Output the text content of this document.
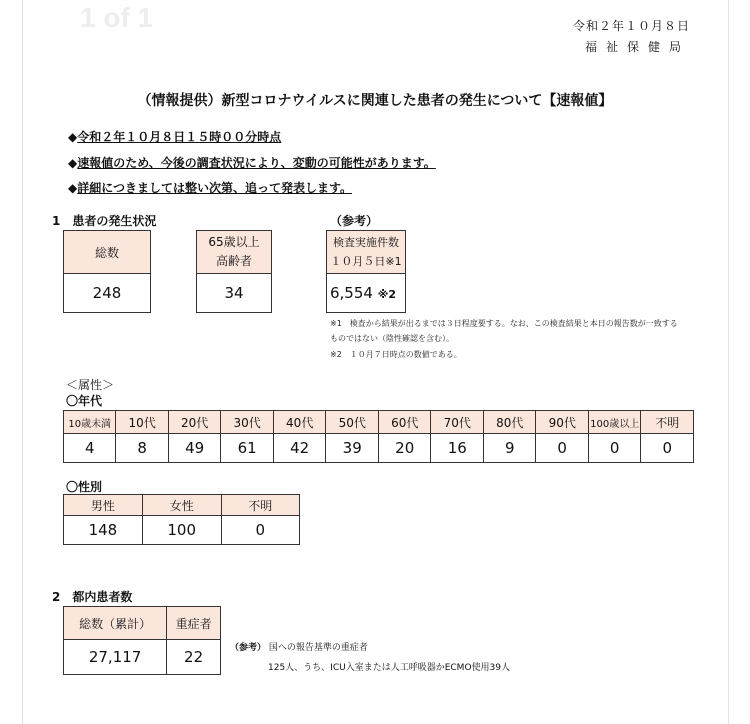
1 of 1	令和２年１０月８日
福祉保健局
（情報提供）新型コロナウイルスに関連した患者の発生について【速報値】
◆令和２年１０月８日１５時００分時点
◆速報値のため、今後の調査状況により、変動の可能性があります。
◆詳細につきましては整い次第、追って発表します。
1　患者の発生状況	（参考）
総数
248
65歳以上
高齢者

34
検査実施件数
１０月５日※1

6,554 ※2
※1　検査から結果が出るまでは３日程度要する。なお、この検査結果と本日の報告数が一致する
ものではない（陰性確認を含む）。
※2　１０月７日時点の数値である。
＜属性＞
〇年代
10歳未満	10代	20代	30代	40代	50代	60代	70代	80代	90代	100歳以上	不明
4	8	49	61	42	39	20	16	9	0	0	0
〇性別
男性	女性	不明
148	100	0
2　都内患者数
総数（累計）	重症者
27,117	22	（参考） 国への報告基準の重症者
125人、うち、ICU入室または人工呼吸器かECMO使用39人
